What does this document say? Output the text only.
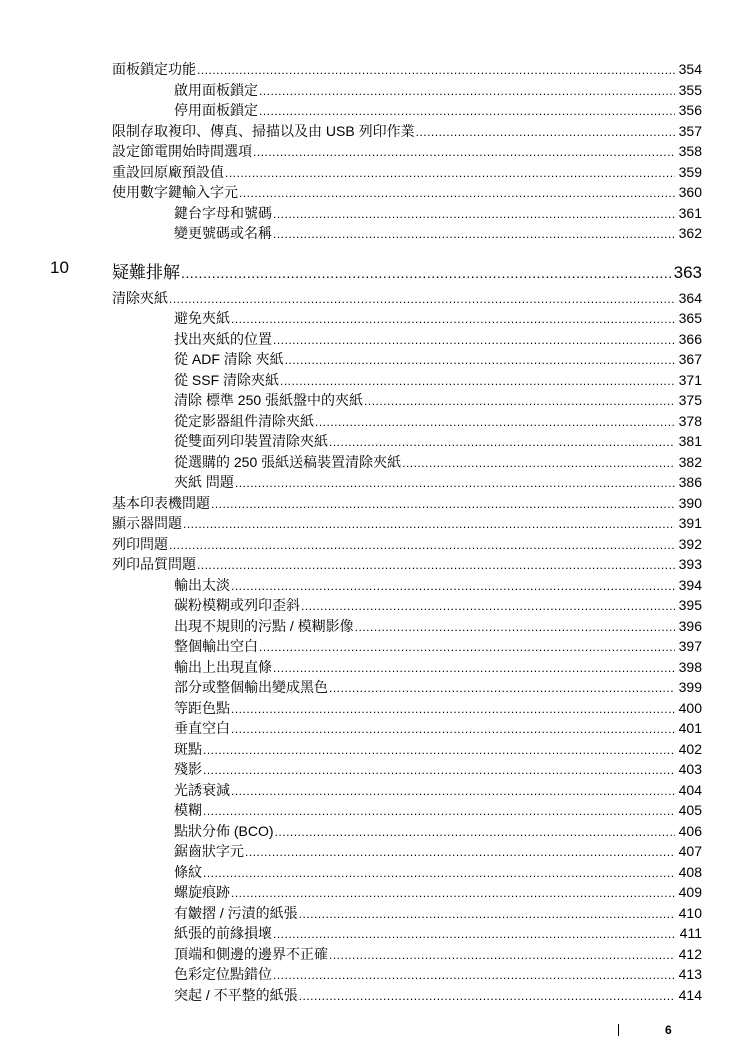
面板鎖定功能 .....	354
啟用面板鎖定 .....	355
停用面板鎖定 .....	356
限制存取複印、傳真、掃描以及由 USB 列印作業 .....	357
設定節電開始時間選項 .....	358
重設回原廠預設值 .....	359
使用數字鍵輸入字元 .....	360
鍵台字母和號碼 .....	361
變更號碼或名稱 .....	362
10	疑難排解 .....	363
清除夾紙 .....	364
避免夾紙 .....	365
找出夾紙的位置 .....	366
從 ADF 清除 夾紙 .....	367
從 SSF 清除夾紙 .....	371
清除 標準 250 張紙盤中的夾紙 .....	375
從定影器組件清除夾紙 .....	378
從雙面列印裝置清除夾紙 .....	381
從選購的 250 張紙送稿裝置清除夾紙 .....	382
夾紙 問題 .....	386
基本印表機問題 .....	390
顯示器問題 .....	391
列印問題 .....	392
列印品質問題 .....	393
輸出太淡 .....	394
碳粉模糊或列印歪斜 .....	395
出現不規則的污點 / 模糊影像 .....	396
整個輸出空白 .....	397
輸出上出現直條 .....	398
部分或整個輸出變成黑色 .....	399
等距色點 .....	400
垂直空白 .....	401
斑點 .....	402
殘影 .....	403
光誘衰減 .....	404
模糊 .....	405
點狀分佈 (BCO) .....	406
鋸齒狀字元 .....	407
條紋 .....	408
螺旋痕跡 .....	409
有皺摺 / 污漬的紙張 .....	410
紙張的前緣損壞 .....	411
頂端和側邊的邊界不正確 .....	412
色彩定位點錯位 .....	413
突起 / 不平整的紙張 .....	414
6
